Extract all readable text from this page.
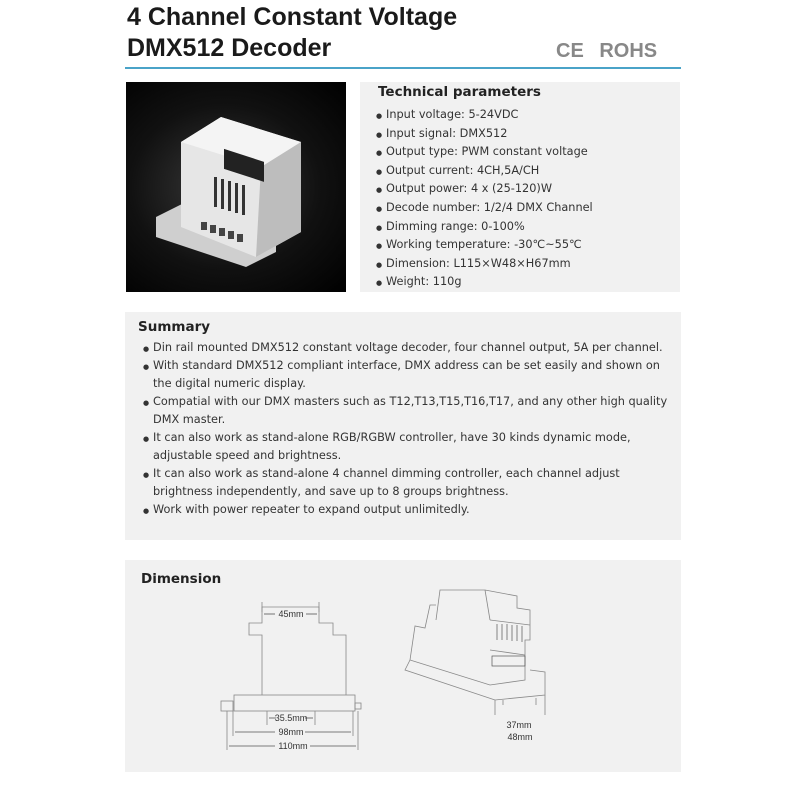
4 Channel Constant Voltage
DMX512 Decoder	CE ROHS
Technical parameters
● Input voltage: 5-24VDC
● Input signal: DMX512
● Output type: PWM constant voltage
● Output current: 4CH,5A/CH
● Output power: 4 x (25-120)W
● Decode number: 1/2/4 DMX Channel
● Dimming range: 0-100%
● Working temperature: -30℃~55℃
● Dimension: L115×W48×H67mm
● Weight: 110g
Summary
● Din rail mounted DMX512 constant voltage decoder, four channel output, 5A per channel.
● With standard DMX512 compliant interface, DMX address can be set easily and shown on the digital numeric display.
● Compatial with our DMX masters such as T12,T13,T15,T16,T17, and any other high quality DMX master.
● It can also work as stand-alone RGB/RGBW controller, have 30 kinds dynamic mode, adjustable speed and brightness.
● It can also work as stand-alone 4 channel dimming controller, each channel adjust brightness independently, and save up to 8 groups brightness.
● Work with power repeater to expand output unlimitedly.
Dimension
45mm
35.5mm
98mm
110mm
37mm
48mm
